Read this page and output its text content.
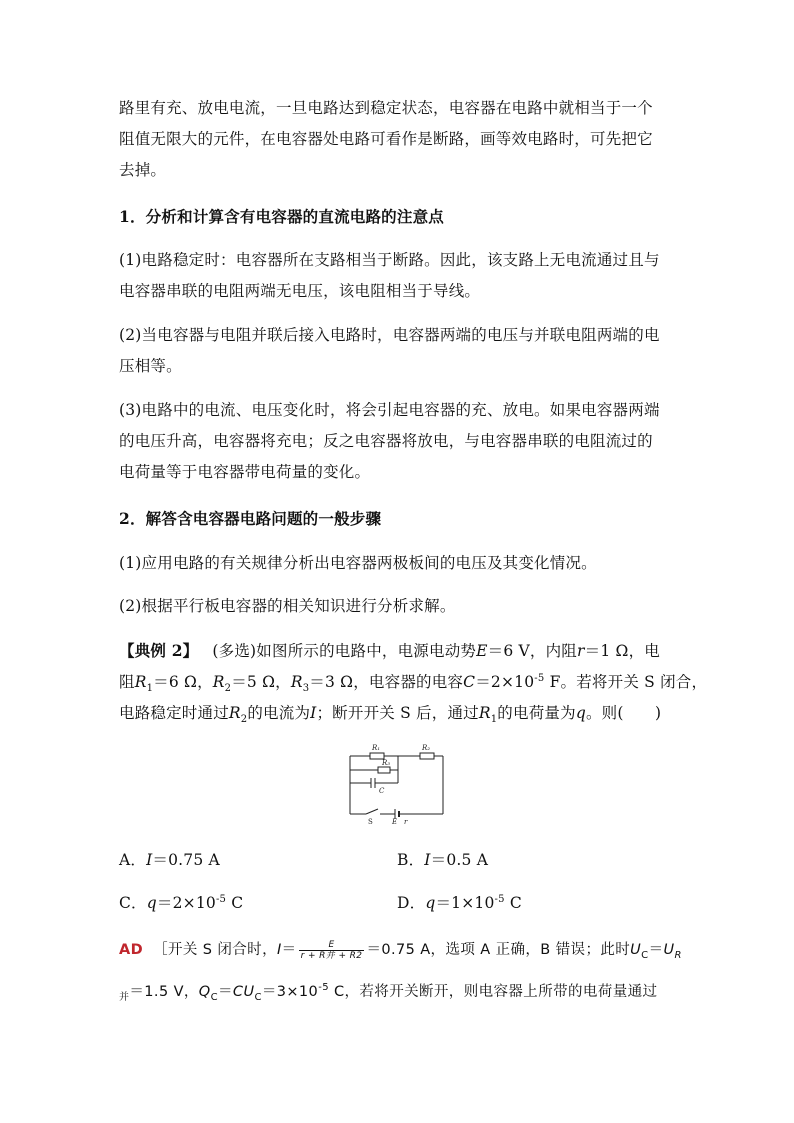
路里有充、放电电流，一旦电路达到稳定状态，电容器在电路中就相当于一个
阻值无限大的元件，在电容器处电路可看作是断路，画等效电路时，可先把它
去掉。
1．分析和计算含有电容器的直流电路的注意点
(1)电路稳定时：电容器所在支路相当于断路。因此，该支路上无电流通过且与
电容器串联的电阻两端无电压，该电阻相当于导线。
(2)当电容器与电阻并联后接入电路时，电容器两端的电压与并联电阻两端的电
压相等。
(3)电路中的电流、电压变化时，将会引起电容器的充、放电。如果电容器两端
的电压升高，电容器将充电；反之电容器将放电，与电容器串联的电阻流过的
电荷量等于电容器带电荷量的变化。
2．解答含电容器电路问题的一般步骤
(1)应用电路的有关规律分析出电容器两极板间的电压及其变化情况。
(2)根据平行板电容器的相关知识进行分析求解。
【典例 2】 (多选)如图所示的电路中，电源电动势E＝6 V，内阻r＝1 Ω，电
阻$R_1=6$ Ω，$R_2=5$ Ω，$R_3=3$ Ω，电容器的电容$C=2\times 10^{-5}$ F。若将开关 S 闭合，
电路稳定时通过$R_2$的电流为I；断开开关 S 后，通过$R_1$的电荷量为q。则(　　)
R₁	R₂
R₃
C
S	E r
A．I＝0.75 A	B．I＝0.5 A
C．$q=2\times 10^{-5}$ C	D．$q=1\times 10^{-5}$ C
AD ［开关 S 闭合时，$I= \frac{E}{\text{r + R并 + R2}} =0.75$ A，选项 A 正确，B 错误；此时$U_C=U_R$
$_并$＝1.5 V，$Q_C=CU_C=3\times 10^{-5}$ C，若将开关断开，则电容器上所带的电荷量通过
